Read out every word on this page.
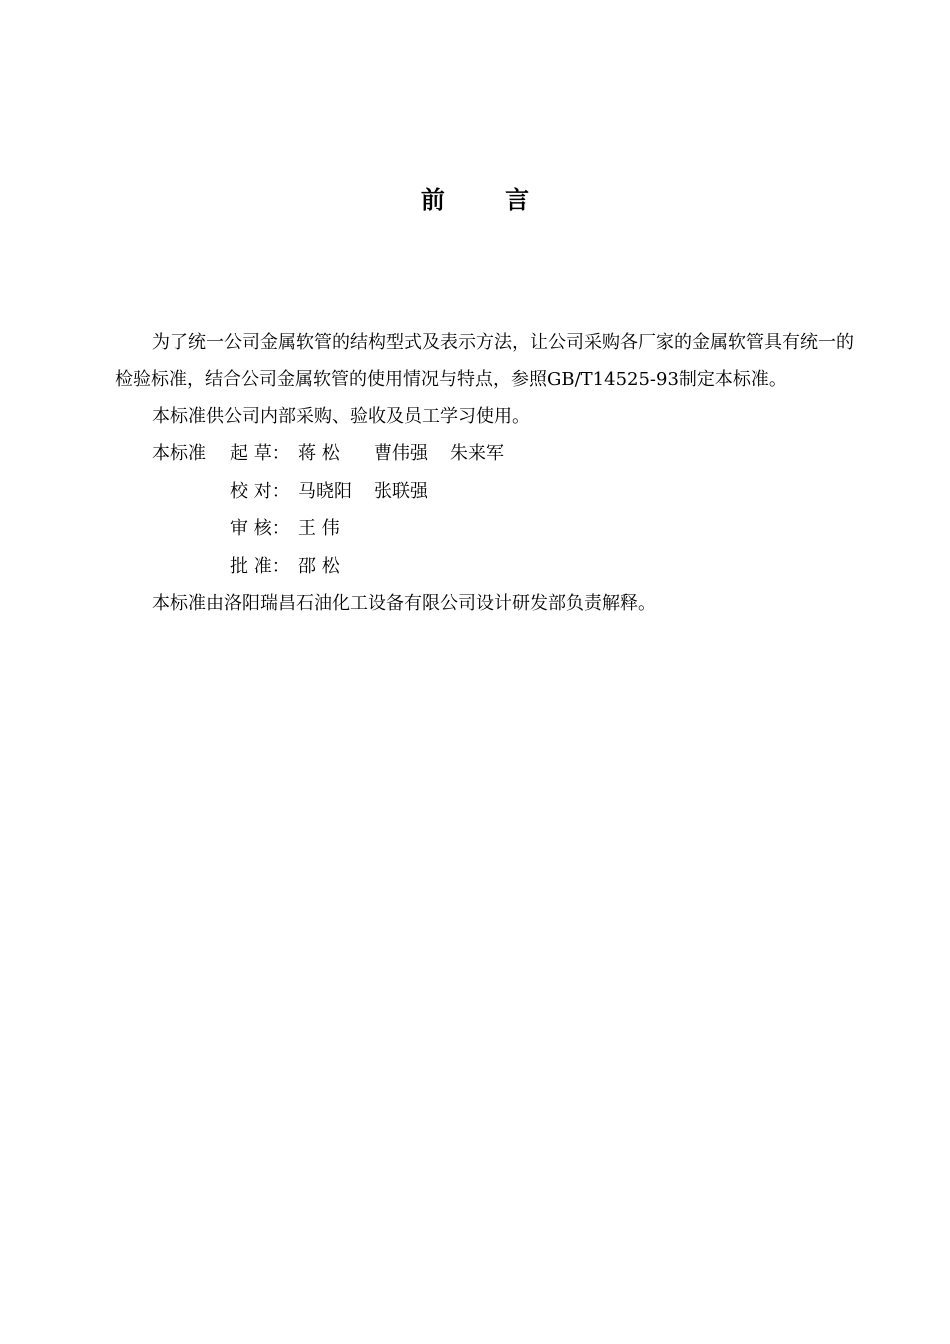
前 言

为了统一公司金属软管的结构型式及表示方法，让公司采购各厂家的金属软管具有统一的检验标准，结合公司金属软管的使用情况与特点，参照GB/T14525-93制定本标准。

本标准供公司内部采购、验收及员工学习使用。

本标准 起 草： 蒋 松 曹伟强 朱来军
校 对： 马晓阳 张联强
审 核： 王 伟
批 准： 邵 松

本标准由洛阳瑞昌石油化工设备有限公司设计研发部负责解释。
